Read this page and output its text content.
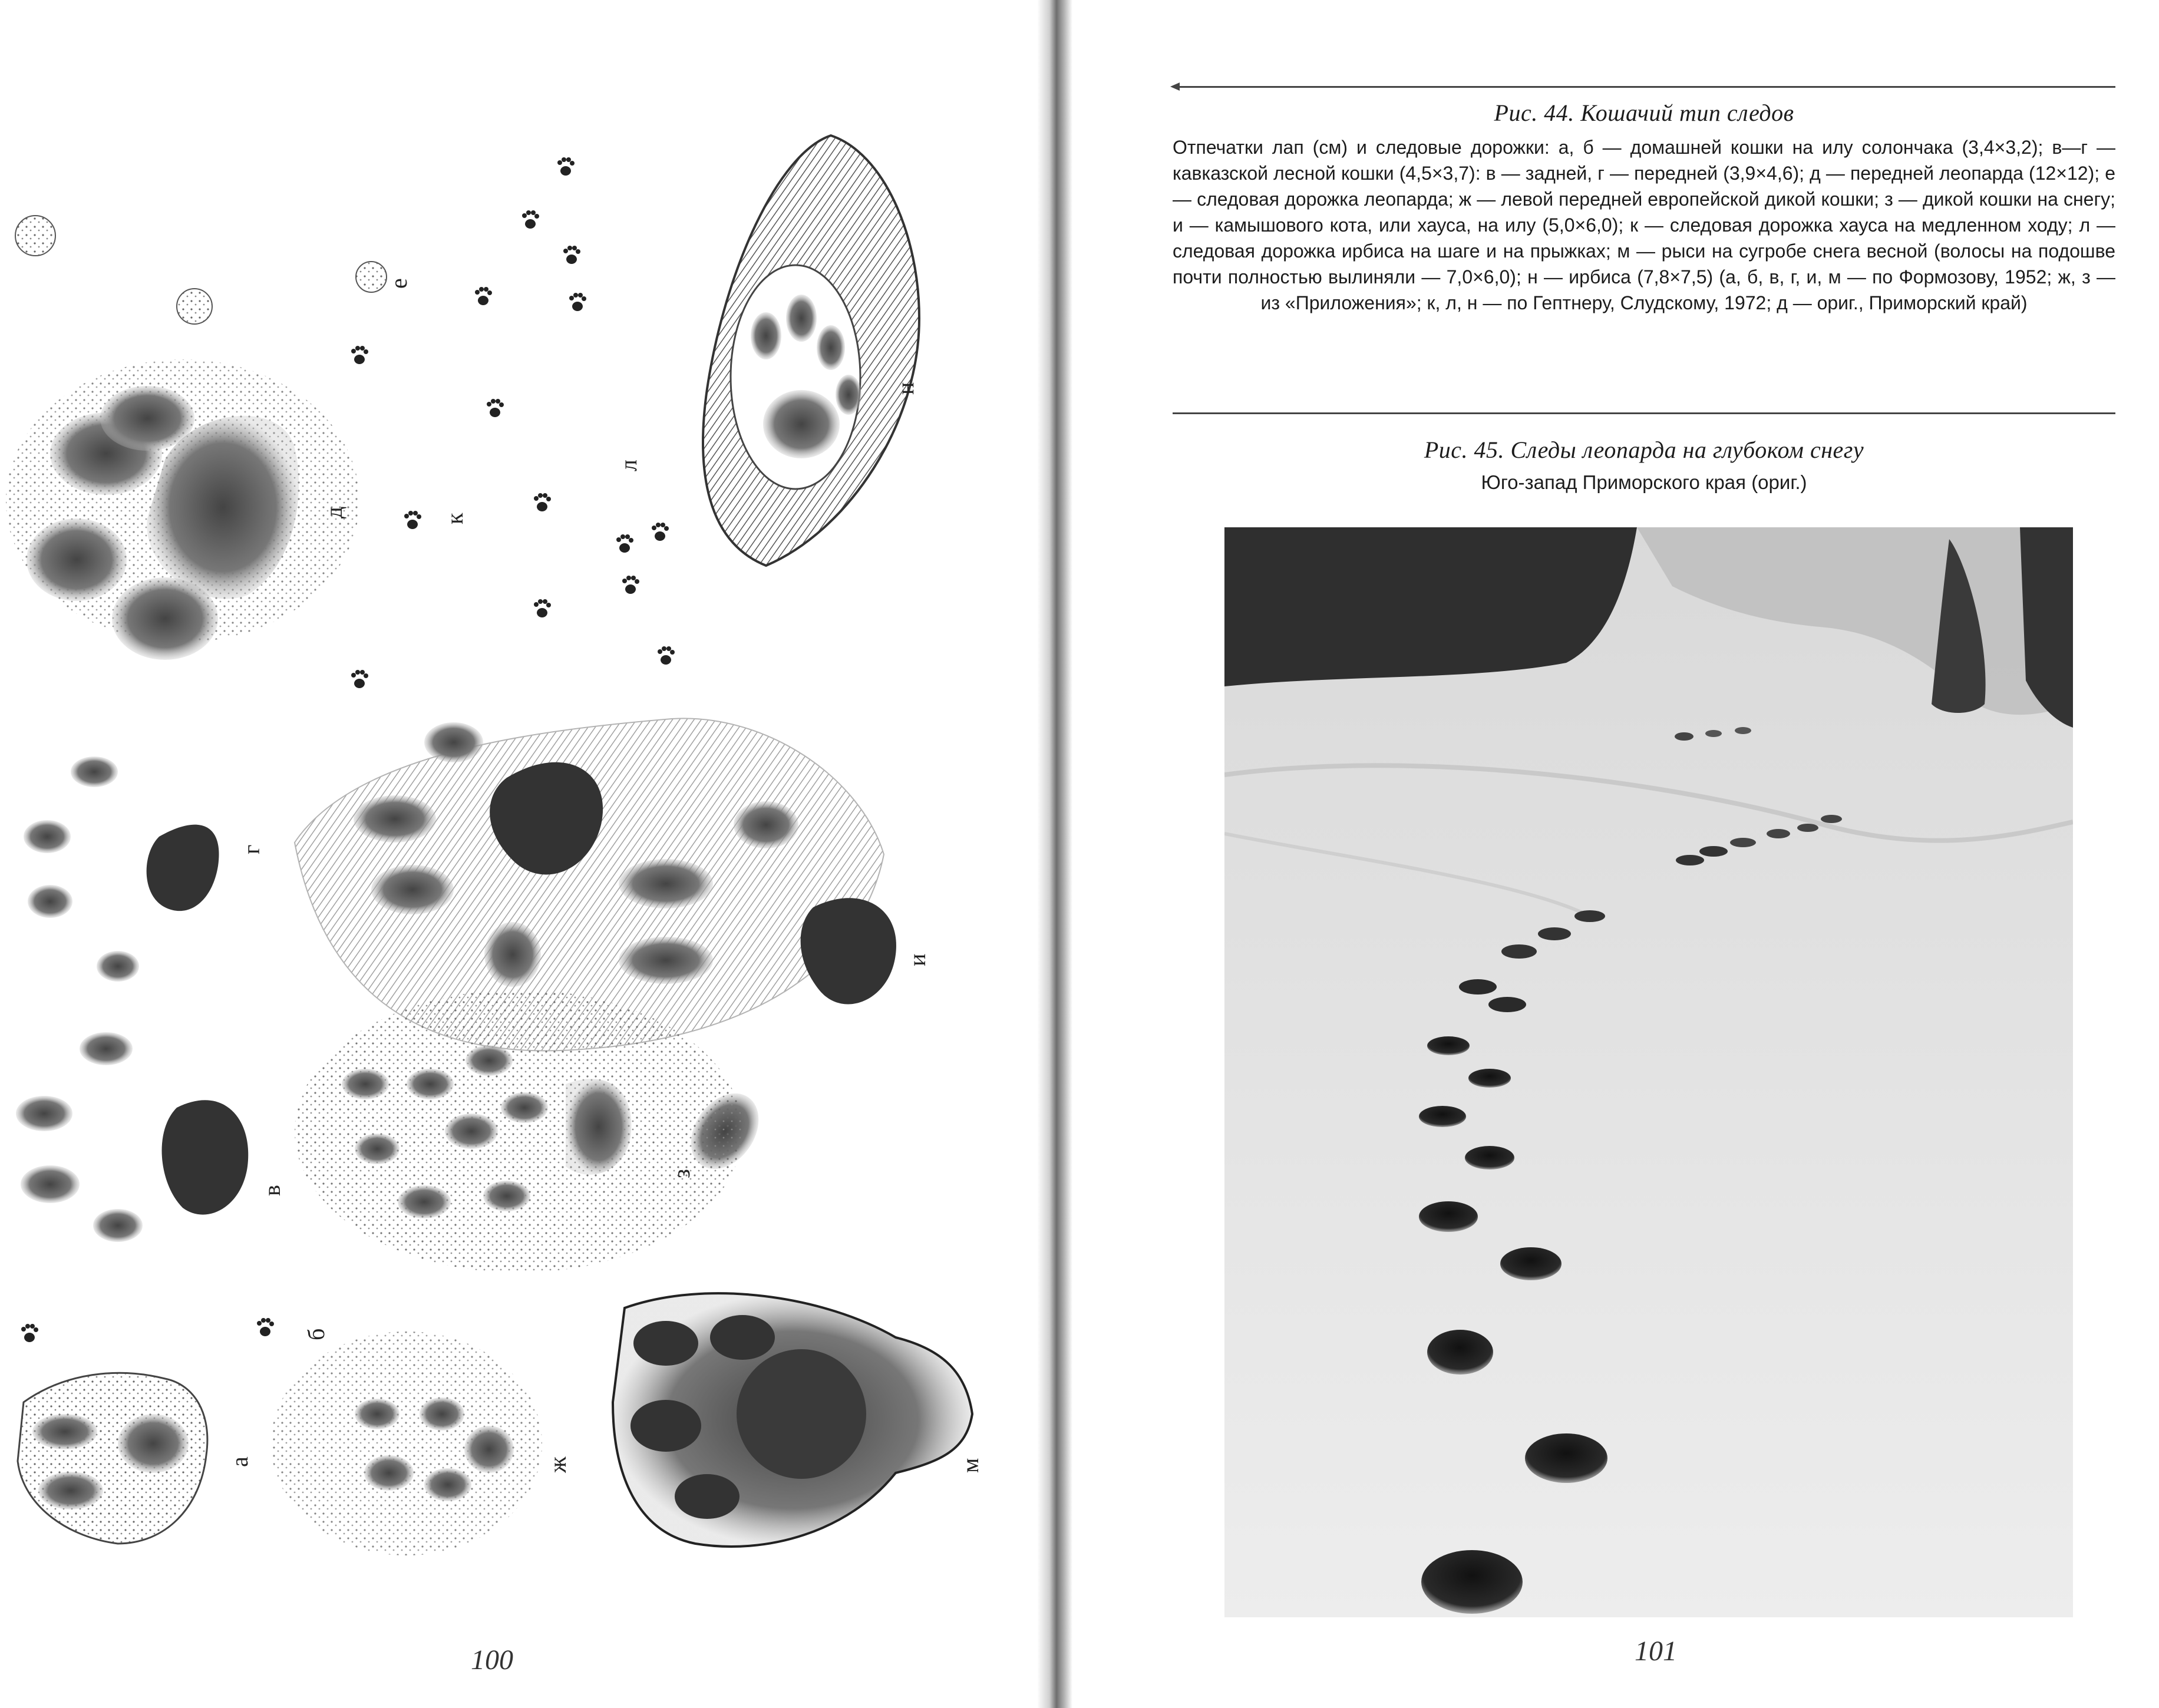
е
л
к
н
д
г
в
и
з
а
б
ж	м
100
Рис. 44. Кошачий тип следов
Отпечатки лап (см) и следовые дорожки: а, б — домашней кошки на илу солончака (3,4×3,2); в—г — кавказской лесной кошки (4,5×3,7): в — задней, г — передней (3,9×4,6); д — передней леопарда (12×12); е — следовая дорожка леопарда; ж — левой передней европейской дикой кошки; з — дикой кошки на снегу; и — камышового кота, или хауса, на илу (5,0×6,0); к — следовая дорожка хауса на медленном ходу; л — следовая дорожка ирбиса на шаге и на прыжках; м — рыси на сугробе снега весной (волосы на подошве почти полностью вылиняли — 7,0×6,0); н — ирбиса (7,8×7,5) (а, б, в, г, и, м — по Формозову, 1952; ж, з — из «Приложения»; к, л, н — по Гептнеру, Слудскому, 1972; д — ориг., Приморский край)
Рис. 45. Следы леопарда на глубоком снегу
Юго-запад Приморского края (ориг.)
101
